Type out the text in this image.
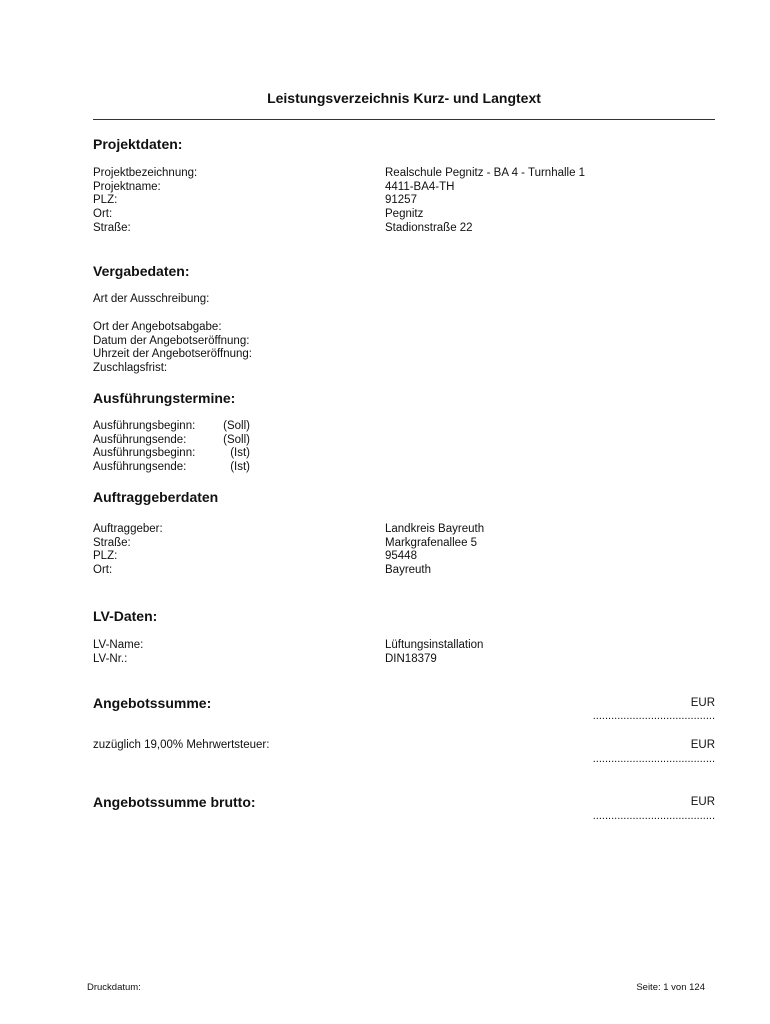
Leistungsverzeichnis Kurz- und Langtext
Projektdaten:
Projektbezeichnung:	Realschule Pegnitz - BA 4 - Turnhalle 1
Projektname:	4411-BA4-TH
PLZ:	91257
Ort:	Pegnitz
Straße:	Stadionstraße 22
Vergabedaten:
Art der Ausschreibung:
Ort der Angebotsabgabe:
Datum der Angebotseröffnung:
Uhrzeit der Angebotseröffnung:
Zuschlagsfrist:
Ausführungstermine:
Ausführungsbeginn:	(Soll)
Ausführungsende:	(Soll)
Ausführungsbeginn:	(Ist)
Ausführungsende:	(Ist)
Auftraggeberdaten
Auftraggeber:	Landkreis Bayreuth
Straße:	Markgrafenallee 5
PLZ:	95448
Ort:	Bayreuth
LV-Daten:
LV-Name:	Lüftungsinstallation
LV-Nr.:	DIN18379
Angebotssumme:	EUR
........................................
zuzüglich 19,00% Mehrwertsteuer:	EUR
........................................
Angebotssumme brutto:	EUR
........................................
Druckdatum:	Seite: 1 von 124
